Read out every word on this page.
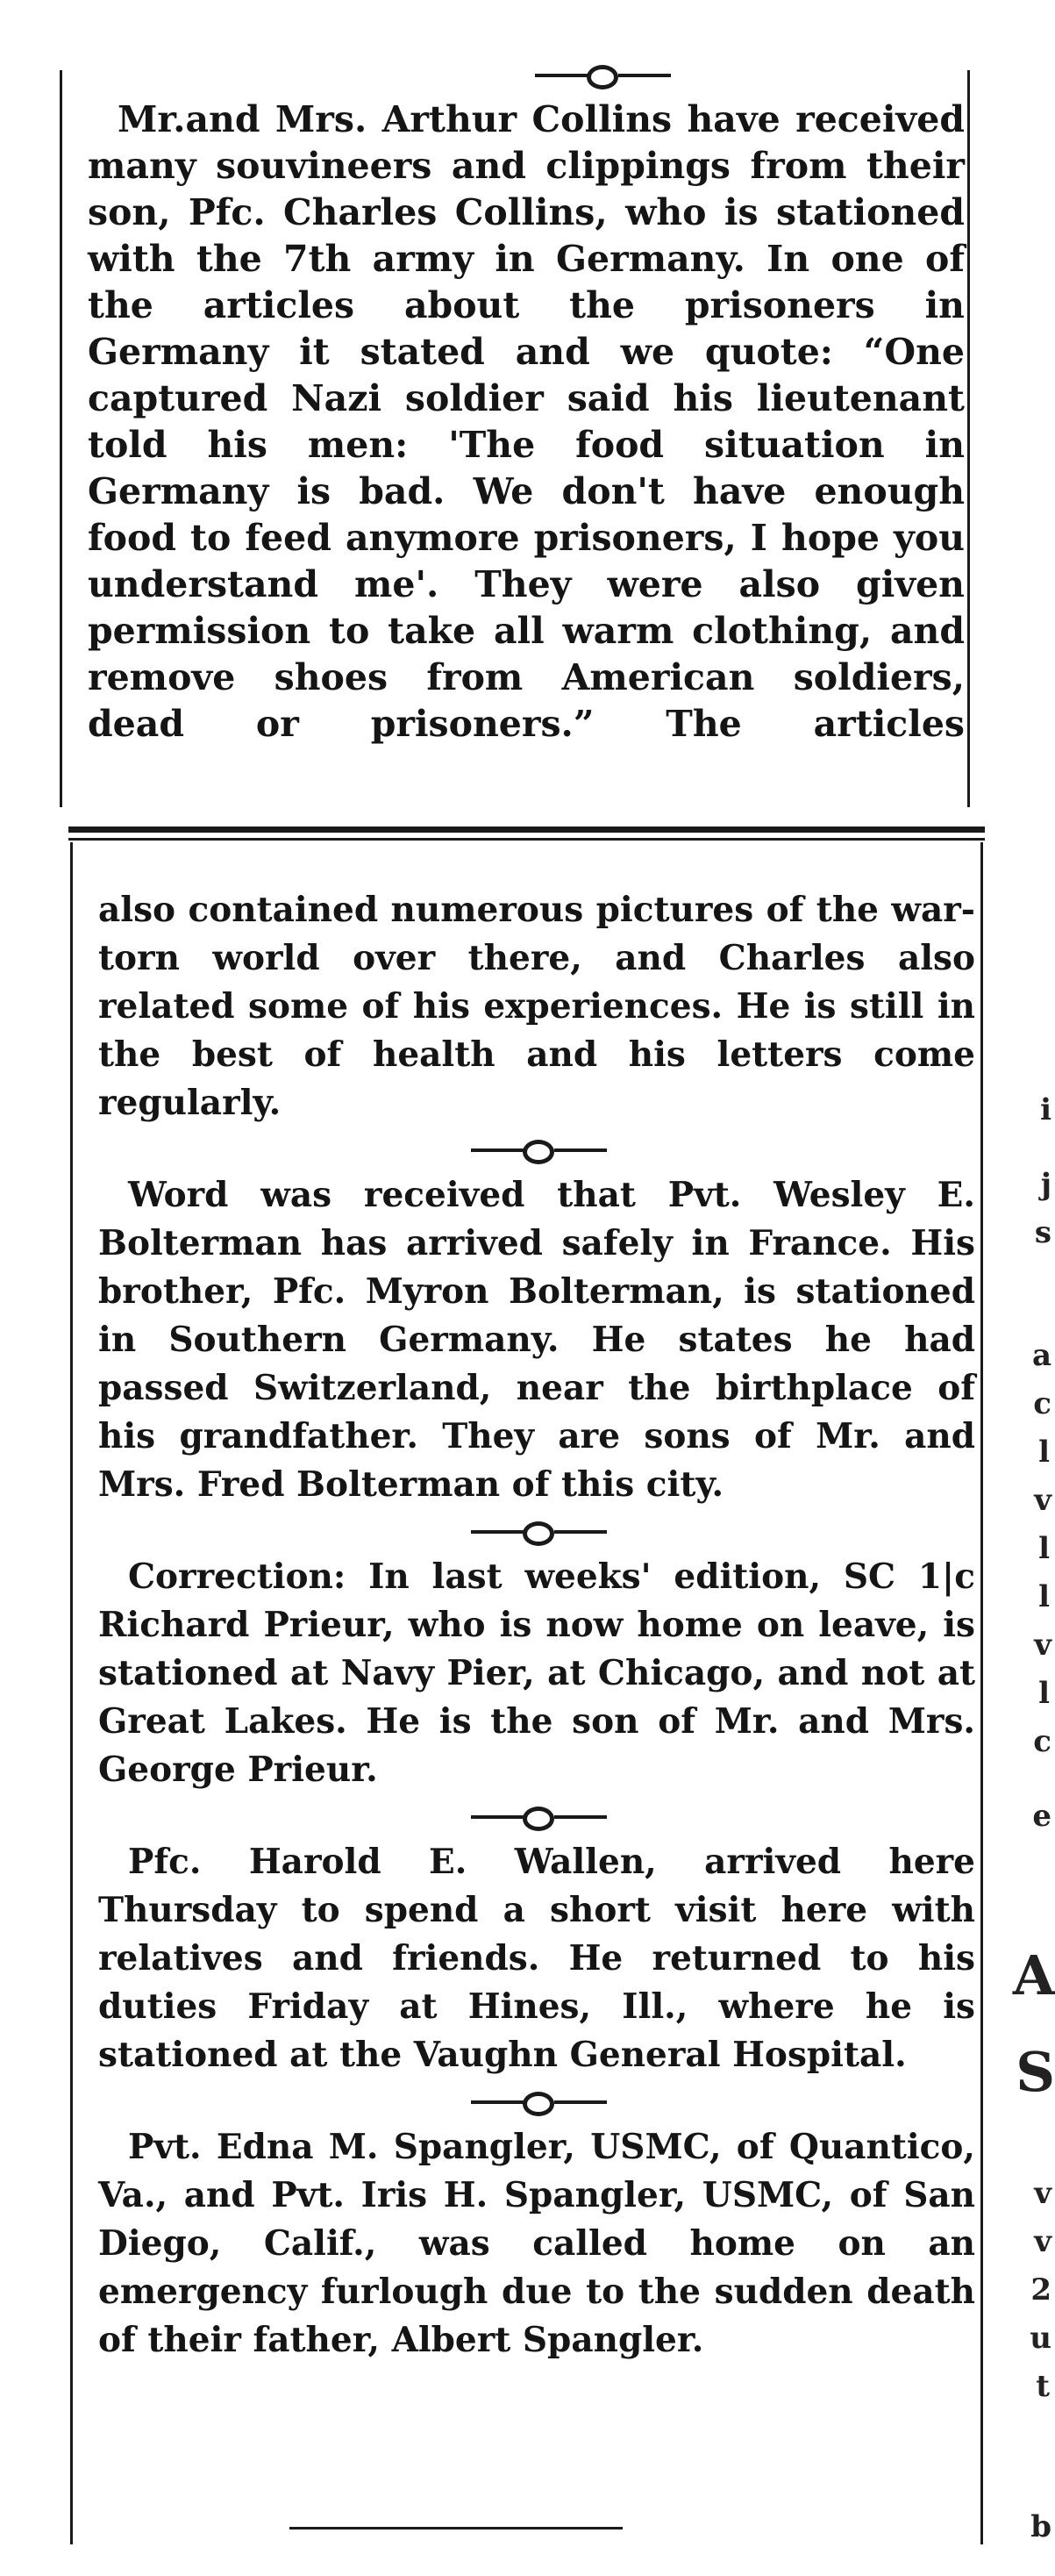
Mr.and Mrs. Arthur Collins have received many souvineers and clippings from their son, Pfc. Charles Collins, who is stationed with the 7th army in Germany. In one of the articles about the prisoners in Germany it stated and we quote: “One captured Nazi soldier said his lieutenant told his men: 'The food situation in Germany is bad. We don't have enough food to feed anymore prisoners, I hope you understand me'. They were also given permission to take all warm clothing, and remove shoes from American soldiers, dead or prisoners.” The articles

also contained numerous pictures of the war-torn world over there, and Charles also related some of his experiences. He is still in the best of health and his letters come regularly.

Word was received that Pvt. Wesley E. Bolterman has arrived safely in France. His brother, Pfc. Myron Bolterman, is stationed in Southern Germany. He states he had passed Switzerland, near the birthplace of his grandfather. They are sons of Mr. and Mrs. Fred Bolterman of this city.

Correction: In last weeks' edition, SC 1|c Richard Prieur, who is now home on leave, is stationed at Navy Pier, at Chicago, and not at Great Lakes. He is the son of Mr. and Mrs. George Prieur.

Pfc. Harold E. Wallen, arrived here Thursday to spend a short visit here with relatives and friends. He returned to his duties Friday at Hines, Ill., where he is stationed at the Vaughn General Hospital.

Pvt. Edna M. Spangler, USMC, of Quantico, Va., and Pvt. Iris H. Spangler, USMC, of San Diego, Calif., was called home on an emergency furlough due to the sudden death of their father, Albert Spangler.

i
j
s
a
c
l
v
l
l
v
l
c
e
A
S
v
v
2
u
t
b
